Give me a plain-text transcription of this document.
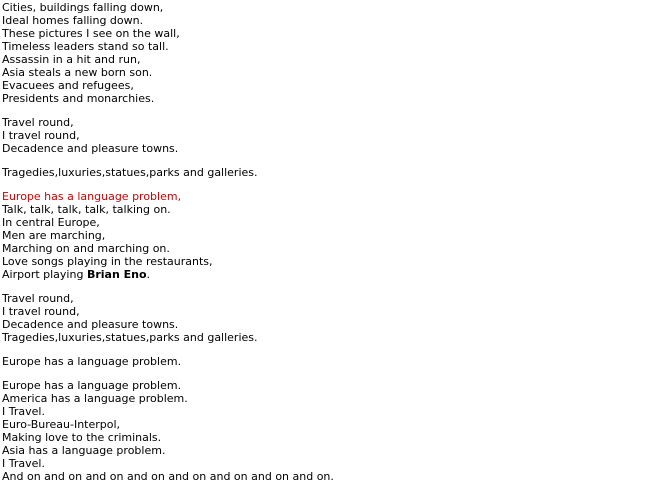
Cities, buildings falling down,
Ideal homes falling down.
These pictures I see on the wall,
Timeless leaders stand so tall.
Assassin in a hit and run,
Asia steals a new born son.
Evacuees and refugees,
Presidents and monarchies.
Travel round,
I travel round,
Decadence and pleasure towns.
Tragedies,luxuries,statues,parks and galleries.
Europe has a language problem,
Talk, talk, talk, talk, talking on.
In central Europe,
Men are marching,
Marching on and marching on.
Love songs playing in the restaurants,
Airport playing Brian Eno.
Travel round,
I travel round,
Decadence and pleasure towns.
Tragedies,luxuries,statues,parks and galleries.
Europe has a language problem.
Europe has a language problem.
America has a language problem.
I Travel.
Euro-Bureau-Interpol,
Making love to the criminals.
Asia has a language problem.
I Travel.
And on and on and on and on and on and on and on and on.
